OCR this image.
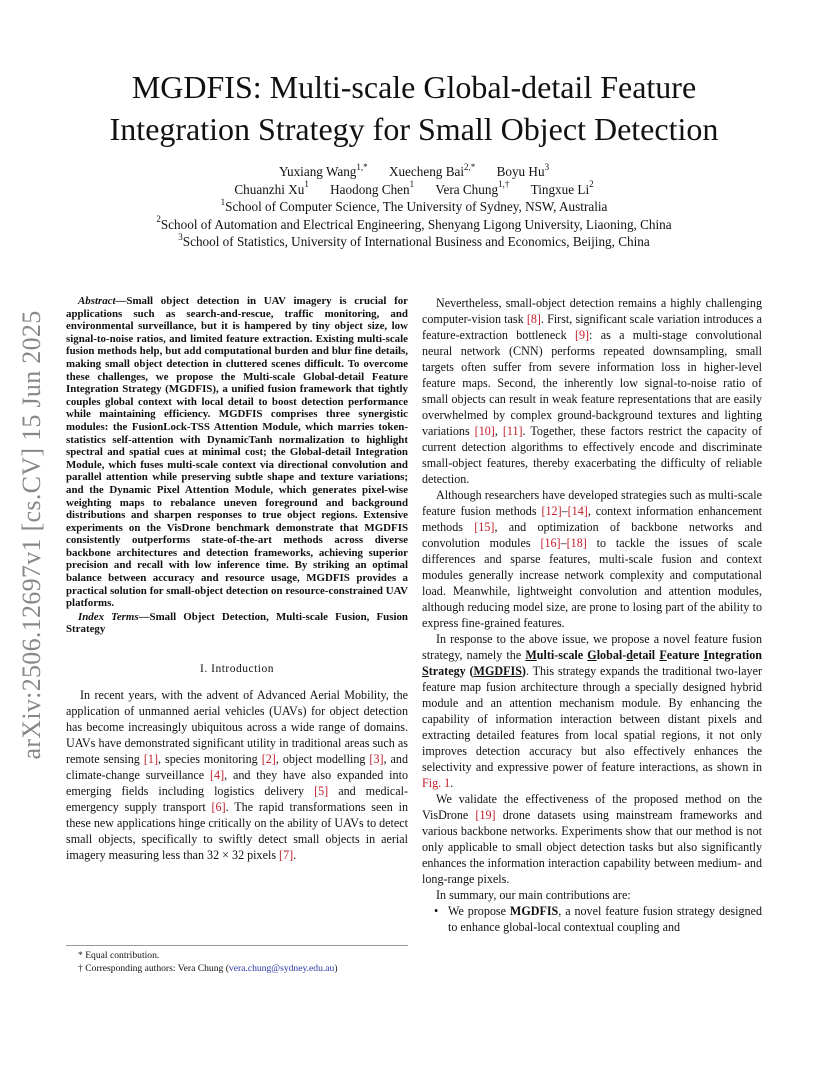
arXiv:2506.12697v1 [cs.CV] 15 Jun 2025
MGDFIS: Multi-scale Global-detail Feature
Integration Strategy for Small Object Detection
Yuxiang Wang$^{1,*}$ Xuecheng Bai$^{2,*}$ Boyu Hu$^3$
Chuanzhi Xu$^1$ Haodong Chen$^1$ Vera Chung$^{1,\dagger}$ Tingxue Li$^2$
$^1$School of Computer Science, The University of Sydney, NSW, Australia
$^2$School of Automation and Electrical Engineering, Shenyang Ligong University, Liaoning, China
$^3$School of Statistics, University of International Business and Economics, Beijing, China

Abstract—Small object detection in UAV imagery is crucial for applications such as search-and-rescue, traffic monitoring, and environmental surveillance, but it is hampered by tiny object size, low signal-to-noise ratios, and limited feature extraction. Existing multi-scale fusion methods help, but add computational burden and blur fine details, making small object detection in cluttered scenes difficult. To overcome these challenges, we propose the Multi-scale Global-detail Feature Integration Strategy (MGDFIS), a unified fusion framework that tightly couples global context with local detail to boost detection performance while maintaining efficiency. MGDFIS comprises three synergistic modules: the FusionLock-TSS Attention Module, which marries token-statistics self-attention with DynamicTanh normalization to highlight spectral and spatial cues at minimal cost; the Global-detail Integration Module, which fuses multi-scale context via directional convolution and parallel attention while preserving subtle shape and texture variations; and the Dynamic Pixel Attention Module, which generates pixel-wise weighting maps to rebalance uneven foreground and background distributions and sharpen responses to true object regions. Extensive experiments on the VisDrone benchmark demonstrate that MGDFIS consistently outperforms state-of-the-art methods across diverse backbone architectures and detection frameworks, achieving superior precision and recall with low inference time. By striking an optimal balance between accuracy and resource usage, MGDFIS provides a practical solution for small-object detection on resource-constrained UAV platforms.

Index Terms—Small Object Detection, Multi-scale Fusion, Fusion Strategy

I. Introduction

In recent years, with the advent of Advanced Aerial Mobility, the application of unmanned aerial vehicles (UAVs) for object detection has become increasingly ubiquitous across a wide range of domains. UAVs have demonstrated significant utility in traditional areas such as remote sensing [1], species monitoring [2], object modelling [3], and climate-change surveillance [4], and they have also expanded into emerging fields including logistics delivery [5] and medical-emergency supply transport [6]. The rapid transformations seen in these new applications hinge critically on the ability of UAVs to detect small objects, specifically to swiftly detect small objects in aerial imagery measuring less than 32 × 32 pixels [7].

* Equal contribution.

† Corresponding authors: Vera Chung (vera.chung@sydney.edu.au)

Nevertheless, small-object detection remains a highly challenging computer-vision task [8]. First, significant scale variation introduces a feature-extraction bottleneck [9]: as a multi-stage convolutional neural network (CNN) performs repeated downsampling, small targets often suffer from severe information loss in higher-level feature maps. Second, the inherently low signal-to-noise ratio of small objects can result in weak feature representations that are easily overwhelmed by complex ground-background textures and lighting variations [10], [11]. Together, these factors restrict the capacity of current detection algorithms to effectively encode and discriminate small-object features, thereby exacerbating the difficulty of reliable detection.

Although researchers have developed strategies such as multi-scale feature fusion methods [12]–[14], context information enhancement methods [15], and optimization of backbone networks and convolution modules [16]–[18] to tackle the issues of scale differences and sparse features, multi-scale fusion and context modules generally increase network complexity and computational load. Meanwhile, lightweight convolution and attention modules, although reducing model size, are prone to losing part of the ability to express fine-grained features.

In response to the above issue, we propose a novel feature fusion strategy, namely the Multi-scale Global-detail Feature Integration Strategy (MGDFIS). This strategy expands the traditional two-layer feature map fusion architecture through a specially designed hybrid module and an attention mechanism module. By enhancing the capability of information interaction between distant pixels and extracting detailed features from local spatial regions, it not only improves detection accuracy but also effectively enhances the selectivity and expressive power of feature interactions, as shown in Fig. 1.

We validate the effectiveness of the proposed method on the VisDrone [19] drone datasets using mainstream frameworks and various backbone networks. Experiments show that our method is not only applicable to small object detection tasks but also significantly enhances the information interaction capability between medium- and long-range pixels.

In summary, our main contributions are:

• We propose MGDFIS, a novel feature fusion strategy designed to enhance global-local contextual coupling and
